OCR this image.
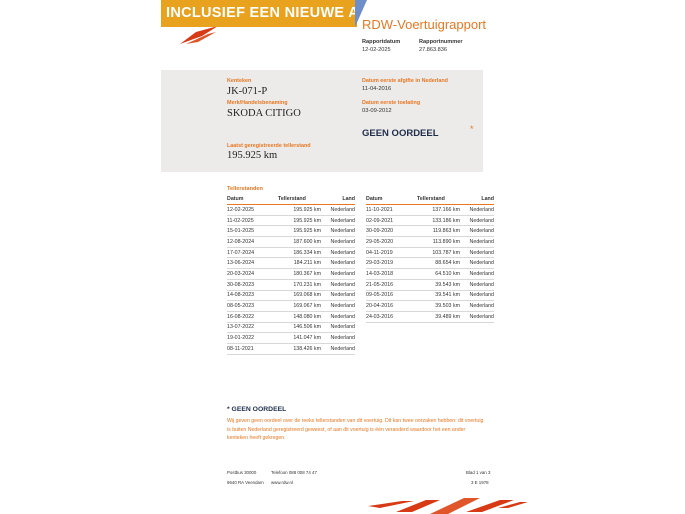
INCLUSIEF EEN NIEUWE APK
RDW-Voertuigrapport
Rapportdatum
12-02-2025
Rapportnummer
27.863.836
Kenteken
JK-071-P
Merk/Handelsbenaming
SKODA CITIGO
Laatst geregistreerde tellerstand
195.925 km
Datum eerste afgifte in Nederland
11-04-2016
Datum eerste toelating
03-09-2012
GEEN OORDEEL	*
Tellerstanden
Datum	Tellerstand	Land
12-02-2025	195.925 km	Nederland
11-02-2025	195.925 km	Nederland
15-01-2025	195.925 km	Nederland
12-08-2024	187.600 km	Nederland
17-07-2024	186.334 km	Nederland
13-06-2024	184.211 km	Nederland
20-03-2024	180.367 km	Nederland
30-08-2023	170.231 km	Nederland
14-08-2023	169.068 km	Nederland
08-05-2023	169.067 km	Nederland
16-08-2022	148.080 km	Nederland
13-07-2022	146.506 km	Nederland
19-01-2022	141.047 km	Nederland
08-11-2021	138.426 km	Nederland
Datum	Tellerstand	Land
11-10-2021	137.166 km	Nederland
02-09-2021	133.186 km	Nederland
30-09-2020	119.863 km	Nederland
29-05-2020	113.890 km	Nederland
04-11-2019	103.787 km	Nederland
29-03-2019	88.654 km	Nederland
14-03-2018	64.510 km	Nederland
21-05-2016	39.543 km	Nederland
09-05-2016	39.541 km	Nederland
20-04-2016	39.503 km	Nederland
24-03-2016	39.489 km	Nederland
* GEEN OORDEEL
Wij geven geen oordeel over de reeks tellerstanden van dit voertuig. Dit kan twee oorzaken hebben: dit voertuig is buiten Nederland geregistreerd geweest, of aan dit voertuig is één veranderd waardoor het een ander kenteken heeft gekregen.
Postbus 30000
9640 RA Veendam
Telefoon 088 008 74 47
www.rdw.nl
Blad 1 van 3
3 E 1978
